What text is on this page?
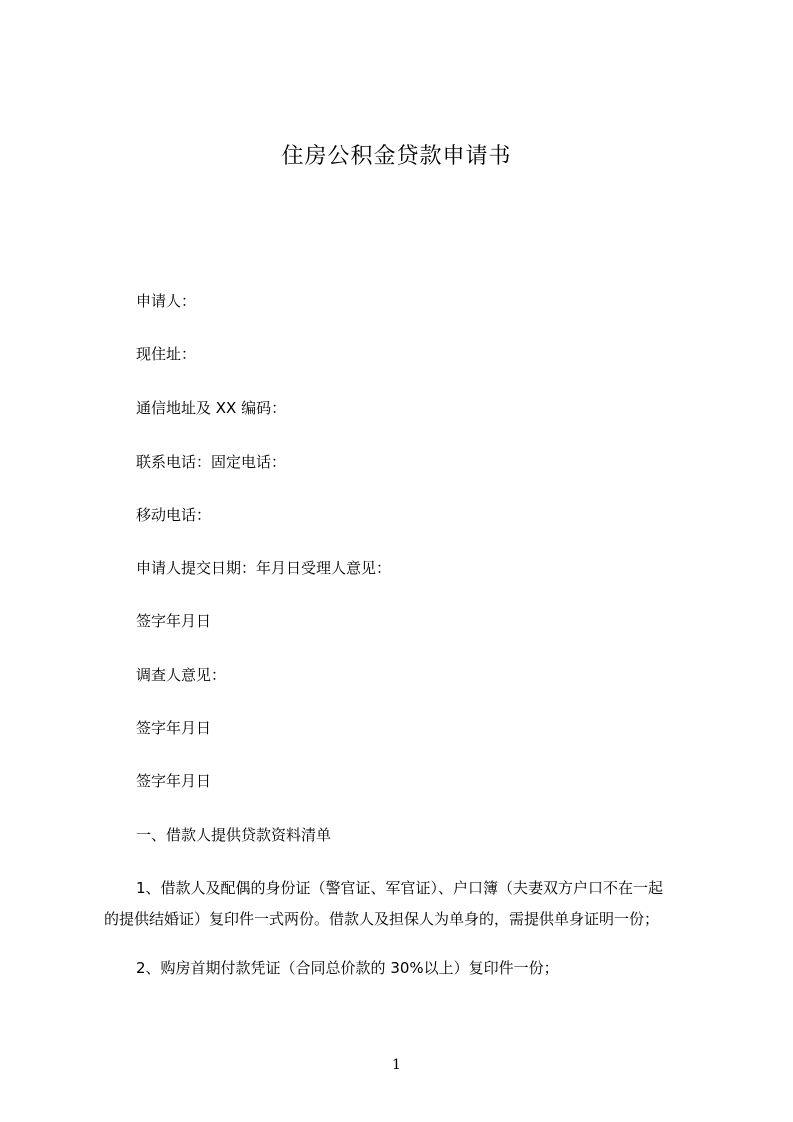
住房公积金贷款申请书
申请人：
现住址：
通信地址及 XX 编码：
联系电话：固定电话：
移动电话：
申请人提交日期：年月日受理人意见：
签字年月日
调查人意见：
签字年月日
签字年月日
一、借款人提供贷款资料清单
1、借款人及配偶的身份证（警官证、军官证）、户口簿（夫妻双方户口不在一起
的提供结婚证）复印件一式两份。借款人及担保人为单身的，需提供单身证明一份；
2、购房首期付款凭证（合同总价款的 30%以上）复印件一份；
1
